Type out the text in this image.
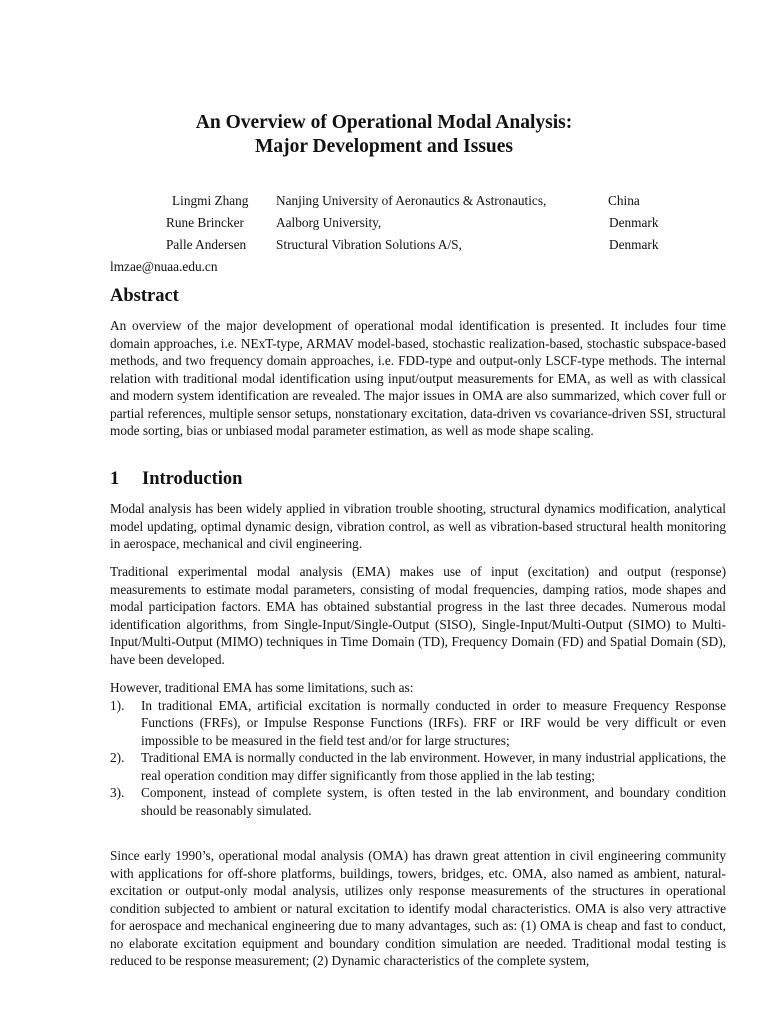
An Overview of Operational Modal Analysis:
Major Development and Issues
Lingmi Zhang Nanjing University of Aeronautics & Astronautics,	China
Rune Brincker Aalborg University,	Denmark
Palle Andersen Structural Vibration Solutions A/S,	Denmark
lmzae@nuaa.edu.cn
Abstract

An overview of the major development of operational modal identification is presented. It includes four time domain approaches, i.e. NExT-type, ARMAV model-based, stochastic realization-based, stochastic subspace-based methods, and two frequency domain approaches, i.e. FDD-type and output-only LSCF-type methods. The internal relation with traditional modal identification using input/output measurements for EMA, as well as with classical and modern system identification are revealed. The major issues in OMA are also summarized, which cover full or partial references, multiple sensor setups, nonstationary excitation, data-driven vs covariance-driven SSI, structural mode sorting, bias or unbiased modal parameter estimation, as well as mode shape scaling.

1 Introduction

Modal analysis has been widely applied in vibration trouble shooting, structural dynamics modification, analytical model updating, optimal dynamic design, vibration control, as well as vibration-based structural health monitoring in aerospace, mechanical and civil engineering.

Traditional experimental modal analysis (EMA) makes use of input (excitation) and output (response) measurements to estimate modal parameters, consisting of modal frequencies, damping ratios, mode shapes and modal participation factors. EMA has obtained substantial progress in the last three decades. Numerous modal identification algorithms, from Single-Input/Single-Output (SISO), Single-Input/Multi-Output (SIMO) to Multi-Input/Multi-Output (MIMO) techniques in Time Domain (TD), Frequency Domain (FD) and Spatial Domain (SD), have been developed.

However, traditional EMA has some limitations, such as:
1). In traditional EMA, artificial excitation is normally conducted in order to measure Frequency Response Functions (FRFs), or Impulse Response Functions (IRFs). FRF or IRF would be very difficult or even impossible to be measured in the field test and/or for large structures;
2). Traditional EMA is normally conducted in the lab environment. However, in many industrial applications, the real operation condition may differ significantly from those applied in the lab testing;
3). Component, instead of complete system, is often tested in the lab environment, and boundary condition should be reasonably simulated.

Since early 1990’s, operational modal analysis (OMA) has drawn great attention in civil engineering community with applications for off-shore platforms, buildings, towers, bridges, etc. OMA, also named as ambient, natural-excitation or output-only modal analysis, utilizes only response measurements of the structures in operational condition subjected to ambient or natural excitation to identify modal characteristics. OMA is also very attractive for aerospace and mechanical engineering due to many advantages, such as: (1) OMA is cheap and fast to conduct, no elaborate excitation equipment and boundary condition simulation are needed. Traditional modal testing is reduced to be response measurement; (2) Dynamic characteristics of the complete system,
